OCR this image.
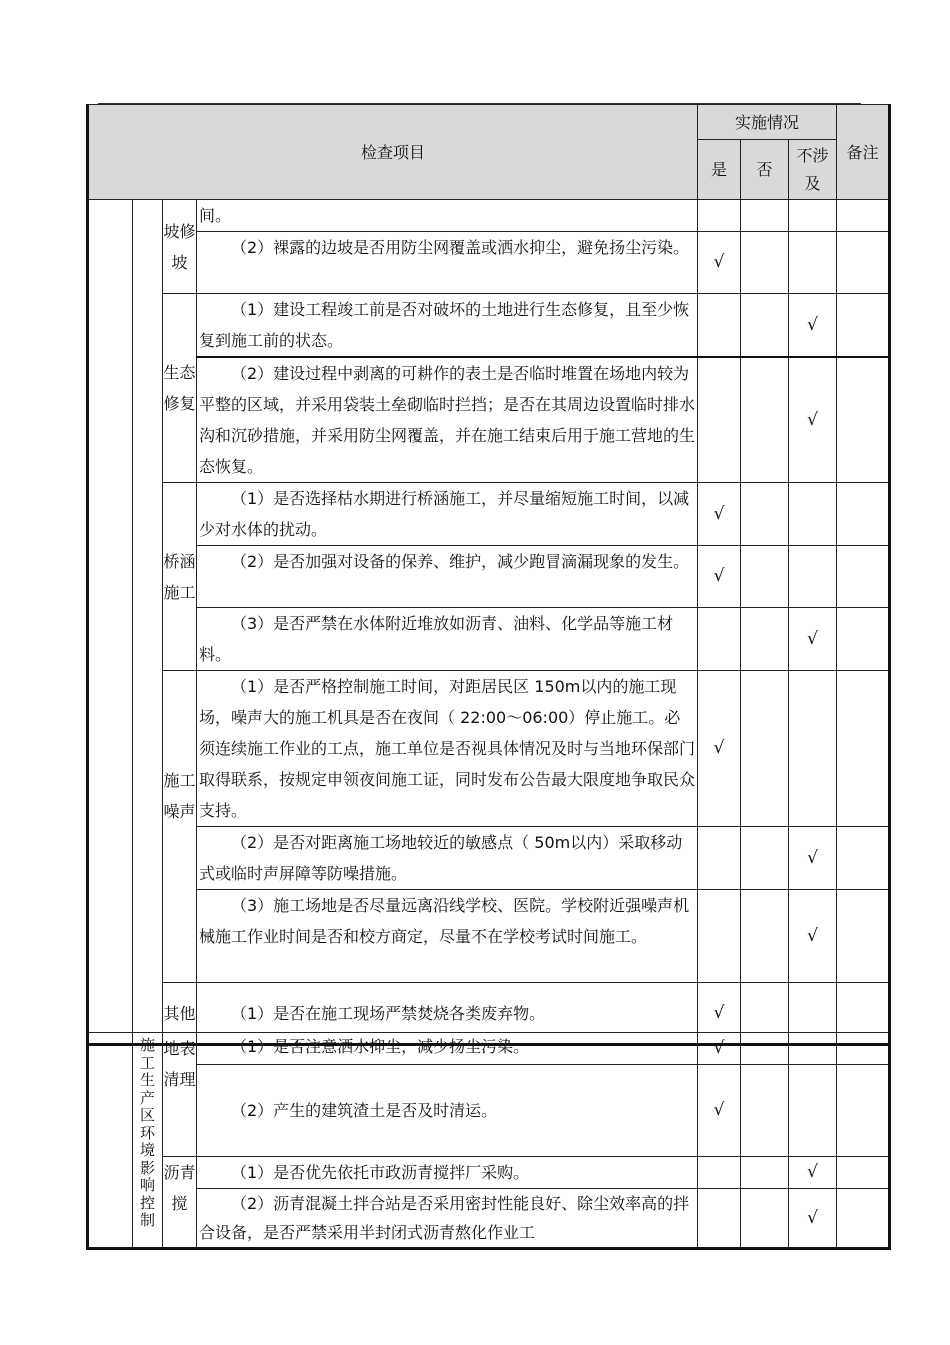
检查项目				实施情况			备注
				是	否	不涉及	
		坡修坡	间。				
			（2）裸露的边坡是否用防尘网覆盖或洒水抑尘，避免扬尘污染。	√			
		生态修复	（1）建设工程竣工前是否对破坏的土地进行生态修复，且至少恢复到施工前的状态。			√	
			（2）建设过程中剥离的可耕作的表土是否临时堆置在场地内较为平整的区域，并采用袋装土垒砌临时拦挡；是否在其周边设置临时排水沟和沉砂措施，并采用防尘网覆盖，并在施工结束后用于施工营地的生态恢复。			√	
		桥涵施工	（1）是否选择枯水期进行桥涵施工，并尽量缩短施工时间，以减少对水体的扰动。	√			
			（2）是否加强对设备的保养、维护，减少跑冒滴漏现象的发生。	√			
			（3）是否严禁在水体附近堆放如沥青、油料、化学品等施工材料。			√	
		施工噪声	（1）是否严格控制施工时间，对距居民区 150m以内的施工现场，噪声大的施工机具是否在夜间（ 22:00～06:00）停止施工。必须连续施工作业的工点，施工单位是否视具体情况及时与当地环保部门取得联系，按规定申领夜间施工证，同时发布公告最大限度地争取民众支持。	√			
			（2）是否对距离施工场地较近的敏感点（ 50m以内）采取移动式或临时声屏障等防噪措施。			√	
			（3）施工场地是否尽量远离沿线学校、医院。学校附近强噪声机械施工作业时间是否和校方商定，尽量不在学校考试时间施工。			√	
		其他	（1）是否在施工现场严禁焚烧各类废弃物。	√			
	施工生产区环境影响控制	地表清理	（1）是否注意洒水抑尘，减少扬尘污染。	√			
			（2）产生的建筑渣土是否及时清运。	√			
		沥青搅	（1）是否优先依托市政沥青搅拌厂采购。			√	
			（2）沥青混凝土拌合站是否采用密封性能良好、除尘效率高的拌合设备，是否严禁采用半封闭式沥青熬化作业工			√	
